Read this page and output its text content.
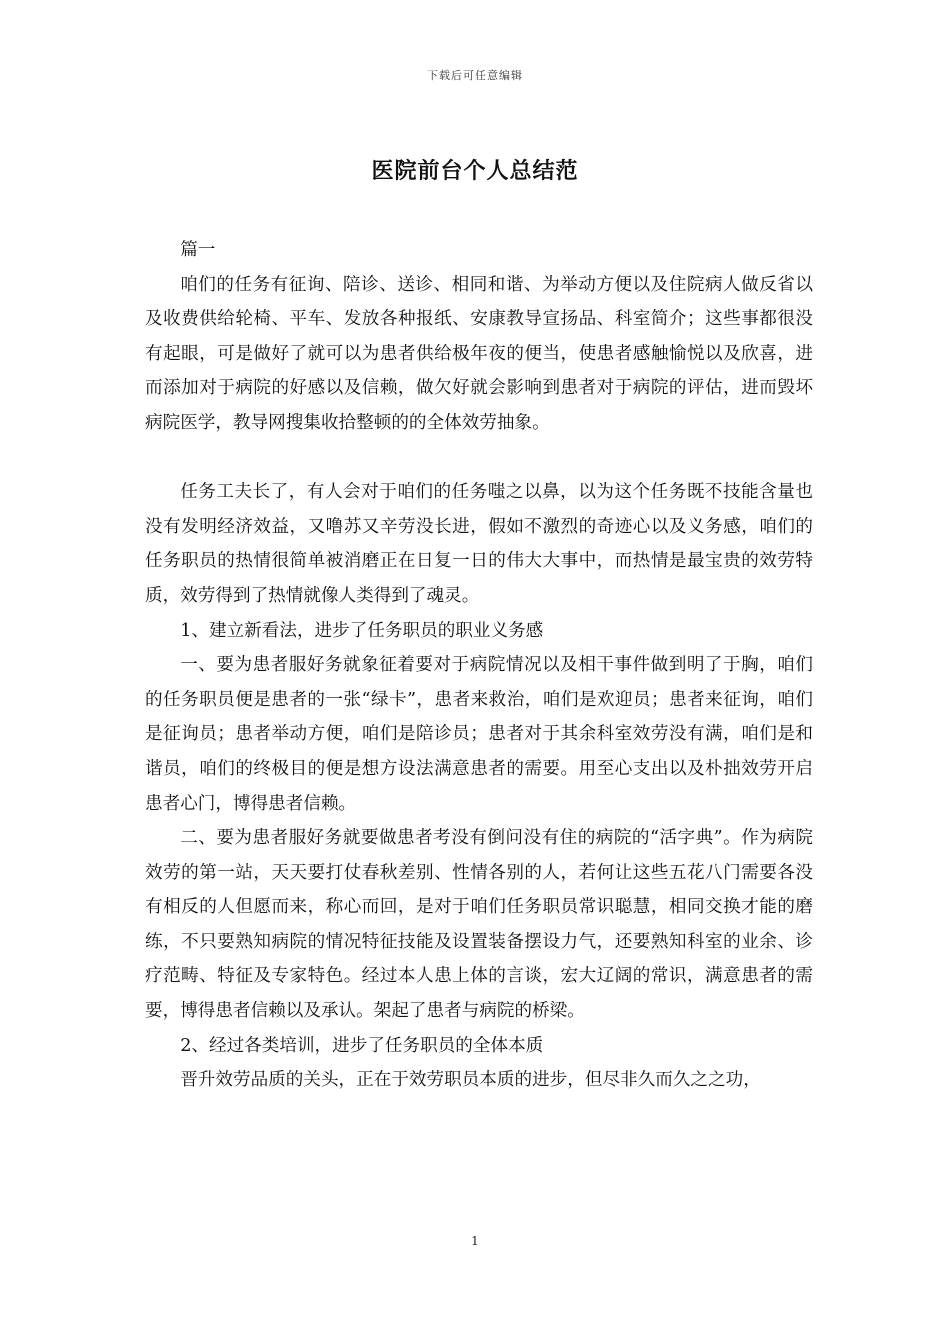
下载后可任意编辑
医院前台个人总结范

篇一

咱们的任务有征询、陪诊、送诊、相同和谐、为举动方便以及住院病人做反省以及收费供给轮椅、平车、发放各种报纸、安康教导宣扬品、科室简介；这些事都很没有起眼，可是做好了就可以为患者供给极年夜的便当，使患者感触愉悦以及欣喜，进而添加对于病院的好感以及信赖，做欠好就会影响到患者对于病院的评估，进而毁坏病院医学，教导网搜集收拾整顿的的全体效劳抽象。

任务工夫长了，有人会对于咱们的任务嗤之以鼻，以为这个任务既不技能含量也没有发明经济效益，又噜苏又辛劳没长进，假如不激烈的奇迹心以及义务感，咱们的任务职员的热情很简单被消磨正在日复一日的伟大大事中，而热情是最宝贵的效劳特质，效劳得到了热情就像人类得到了魂灵。

1、建立新看法，进步了任务职员的职业义务感

一、要为患者服好务就象征着要对于病院情况以及相干事件做到明了于胸，咱们的任务职员便是患者的一张“绿卡”，患者来救治，咱们是欢迎员；患者来征询，咱们是征询员；患者举动方便，咱们是陪诊员；患者对于其余科室效劳没有满，咱们是和谐员，咱们的终极目的便是想方设法满意患者的需要。用至心支出以及朴拙效劳开启患者心门，博得患者信赖。

二、要为患者服好务就要做患者考没有倒问没有住的病院的“活字典”。作为病院效劳的第一站，天天要打仗春秋差别、性情各别的人，若何让这些五花八门需要各没有相反的人但愿而来，称心而回，是对于咱们任务职员常识聪慧，相同交换才能的磨练，不只要熟知病院的情况特征技能及设置装备摆设力气，还要熟知科室的业余、诊疗范畴、特征及专家特色。经过本人患上体的言谈，宏大辽阔的常识，满意患者的需要，博得患者信赖以及承认。架起了患者与病院的桥梁。

2、经过各类培训，进步了任务职员的全体本质

晋升效劳品质的关头，正在于效劳职员本质的进步，但尽非久而久之之功，

1
